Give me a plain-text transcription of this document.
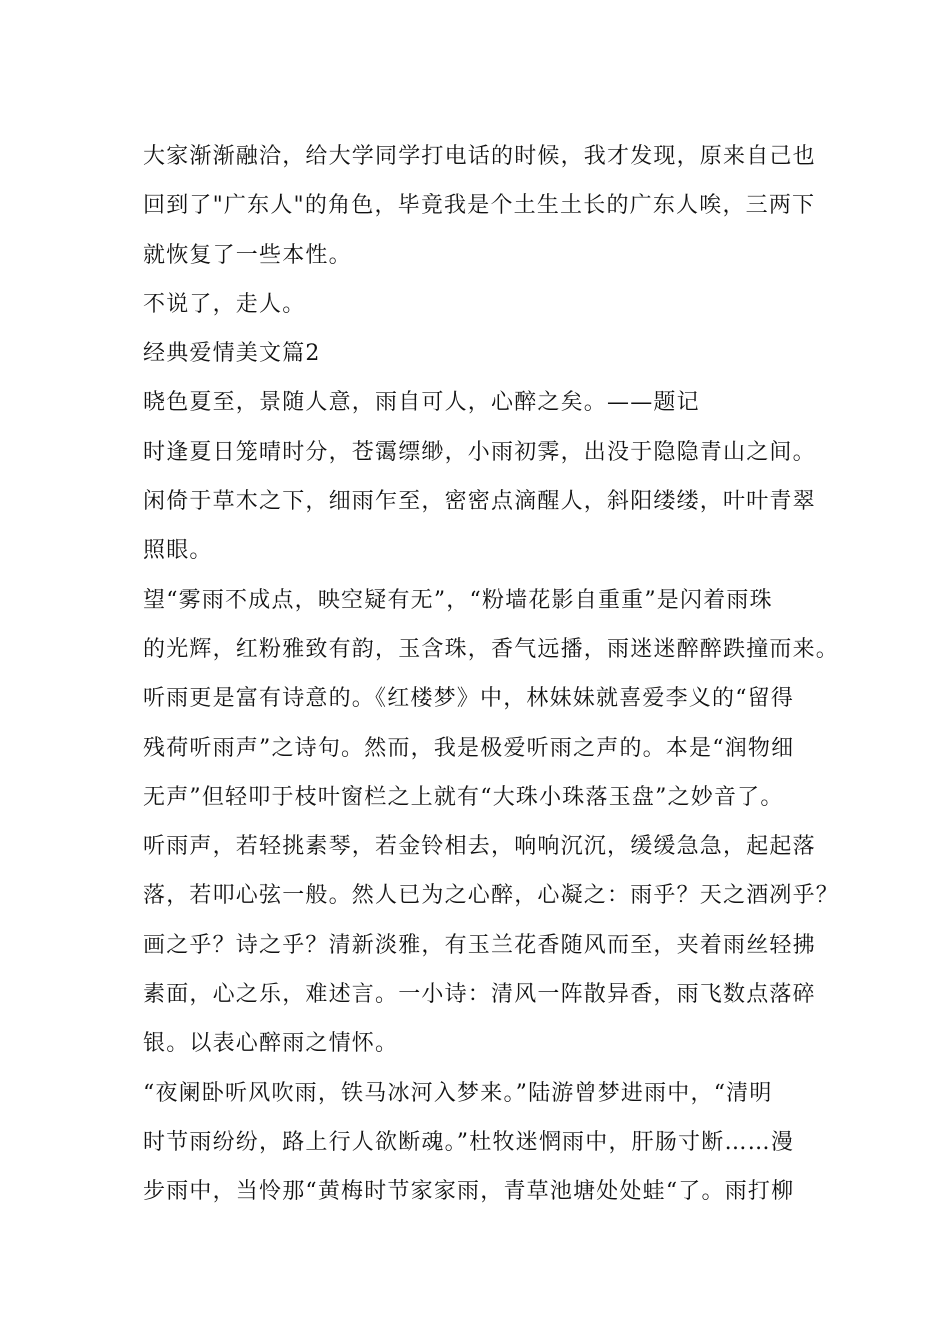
大家渐渐融洽，给大学同学打电话的时候，我才发现，原来自己也
回到了"广东人"的角色，毕竟我是个土生土长的广东人唉，三两下
就恢复了一些本性。
不说了，走人。
经典爱情美文篇2
晓色夏至，景随人意，雨自可人，心醉之矣。——题记
时逢夏日笼晴时分，苍霭缥缈，小雨初霁，出没于隐隐青山之间。
闲倚于草木之下，细雨乍至，密密点滴醒人，斜阳缕缕，叶叶青翠
照眼。
望“雾雨不成点，映空疑有无”，“粉墙花影自重重”是闪着雨珠
的光辉，红粉雅致有韵，玉含珠，香气远播，雨迷迷醉醉跌撞而来。
听雨更是富有诗意的。《红楼梦》中，林妹妹就喜爱李义的“留得
残荷听雨声”之诗句。然而，我是极爱听雨之声的。本是“润物细
无声”但轻叩于枝叶窗栏之上就有“大珠小珠落玉盘”之妙音了。
听雨声，若轻挑素琴，若金铃相去，响响沉沉，缓缓急急，起起落
落，若叩心弦一般。然人已为之心醉，心凝之：雨乎？天之酒冽乎？
画之乎？诗之乎？清新淡雅，有玉兰花香随风而至，夹着雨丝轻拂
素面，心之乐，难述言。一小诗：清风一阵散异香，雨飞数点落碎
银。以表心醉雨之情怀。
“夜阑卧听风吹雨，铁马冰河入梦来。”陆游曾梦进雨中，“清明
时节雨纷纷，路上行人欲断魂。”杜牧迷惘雨中，肝肠寸断……漫
步雨中，当怜那“黄梅时节家家雨，青草池塘处处蛙“了。雨打柳
